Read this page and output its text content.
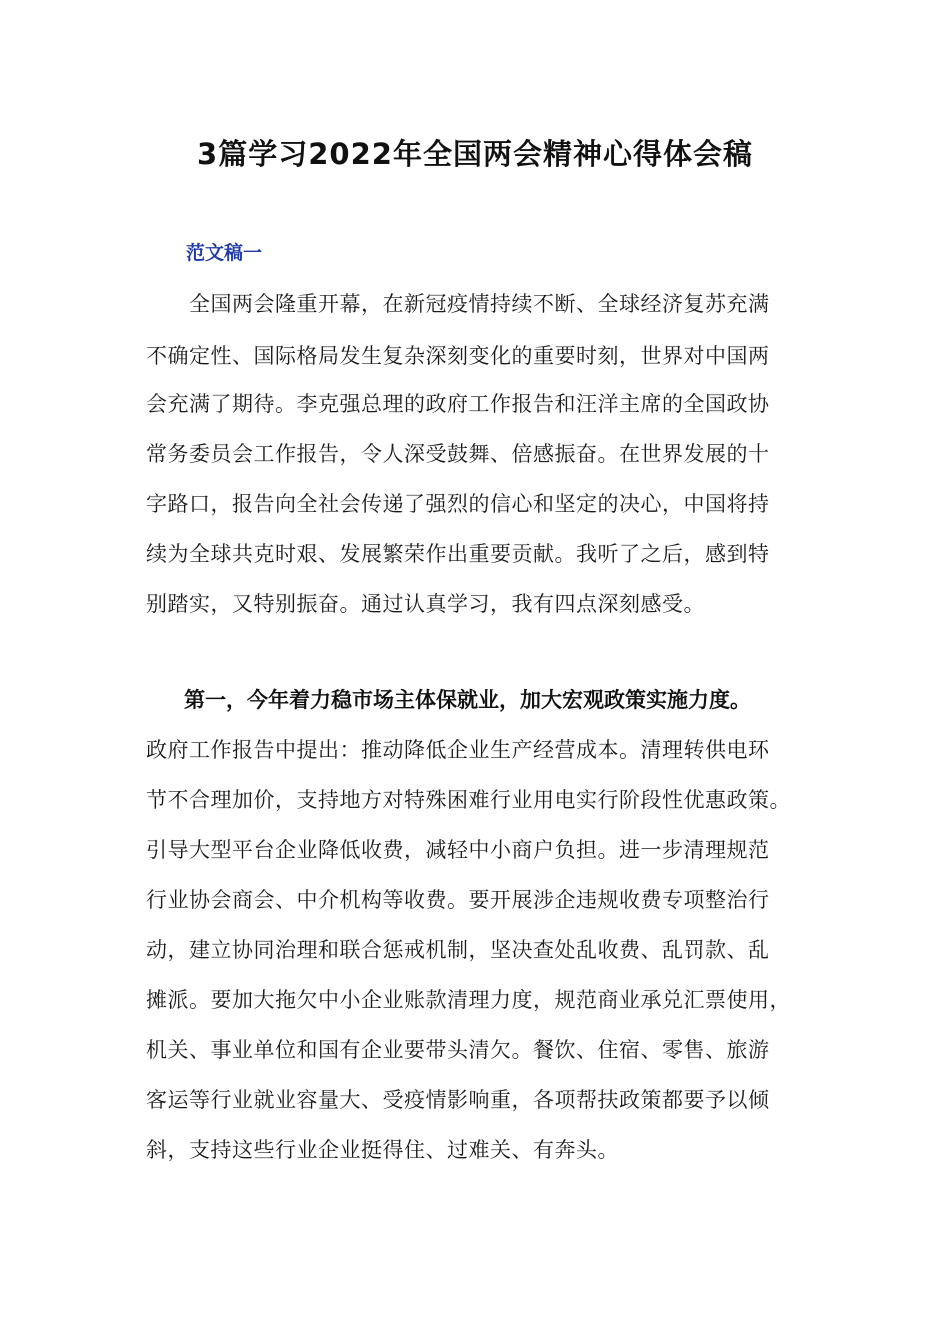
3篇学习2022年全国两会精神心得体会稿
范文稿一
　　全国两会隆重开幕，在新冠疫情持续不断、全球经济复苏充满
不确定性、国际格局发生复杂深刻变化的重要时刻，世界对中国两
会充满了期待。李克强总理的政府工作报告和汪洋主席的全国政协
常务委员会工作报告，令人深受鼓舞、倍感振奋。在世界发展的十
字路口，报告向全社会传递了强烈的信心和坚定的决心，中国将持
续为全球共克时艰、发展繁荣作出重要贡献。我听了之后，感到特
别踏实，又特别振奋。通过认真学习，我有四点深刻感受。
第一，今年着力稳市场主体保就业，加大宏观政策实施力度。
政府工作报告中提出：推动降低企业生产经营成本。清理转供电环
节不合理加价，支持地方对特殊困难行业用电实行阶段性优惠政策。
引导大型平台企业降低收费，减轻中小商户负担。进一步清理规范
行业协会商会、中介机构等收费。要开展涉企违规收费专项整治行
动，建立协同治理和联合惩戒机制，坚决查处乱收费、乱罚款、乱
摊派。要加大拖欠中小企业账款清理力度，规范商业承兑汇票使用，
机关、事业单位和国有企业要带头清欠。餐饮、住宿、零售、旅游
客运等行业就业容量大、受疫情影响重，各项帮扶政策都要予以倾
斜，支持这些行业企业挺得住、过难关、有奔头。
